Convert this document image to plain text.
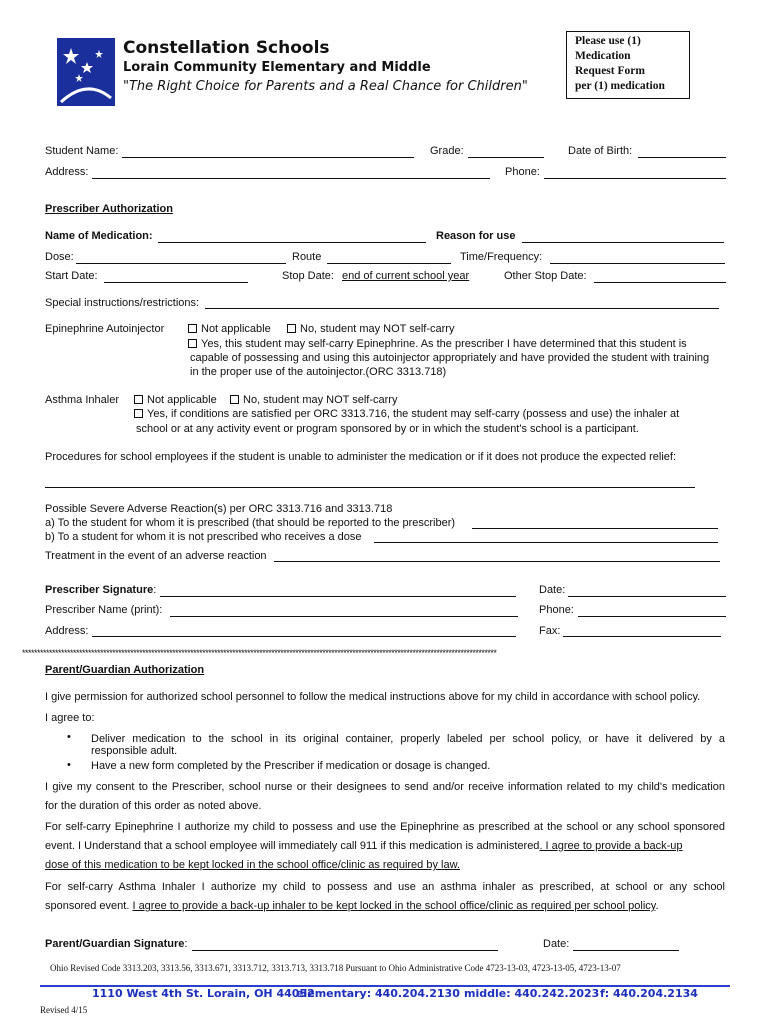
Constellation Schools
Lorain Community Elementary and Middle
"The Right Choice for Parents and a Real Chance for Children"
Please use (1)
Medication
Request Form
per (1) medication
Student Name:	Grade:	Date of Birth:
Address:	Phone:
Prescriber Authorization
Name of Medication:	Reason for use
Dose:	Route	Time/Frequency:
Start Date:	Stop Date: end of current school year	Other Stop Date:
Special instructions/restrictions:
Epinephrine Autoinjector	Not applicable	No, student may NOT self-carry
Yes, this student may self-carry Epinephrine. As the prescriber I have determined that this student is
capable of possessing and using this autoinjector appropriately and have provided the student with training
in the proper use of the autoinjector.(ORC 3313.718)
Asthma Inhaler	Not applicable	No, student may NOT self-carry
Yes, if conditions are satisfied per ORC 3313.716, the student may self-carry (possess and use) the inhaler at
school or at any activity event or program sponsored by or in which the student's school is a participant.
Procedures for school employees if the student is unable to administer the medication or if it does not produce the expected relief:
Possible Severe Adverse Reaction(s) per ORC 3313.716 and 3313.718
a) To the student for whom it is prescribed (that should be reported to the prescriber)
b) To a student for whom it is not prescribed who receives a dose
Treatment in the event of an adverse reaction
Prescriber Signature:	Date:
Prescriber Name (print):	Phone:
Address:	Fax:
**************************************************************************************************************************************************************
Parent/Guardian Authorization
I give permission for authorized school personnel to follow the medical instructions above for my child in accordance with school policy.
I agree to:
• Deliver medication to the school in its original container, properly labeled per school policy, or have it delivered by a
responsible adult.
• Have a new form completed by the Prescriber if medication or dosage is changed.
I give my consent to the Prescriber, school nurse or their designees to send and/or receive information related to my child's medication
for the duration of this order as noted above.
For self-carry Epinephrine I authorize my child to possess and use the Epinephrine as prescribed at the school or any school sponsored
event. I Understand that a school employee will immediately call 911 if this medication is administered. I agree to provide a back-up
dose of this medication to be kept locked in the school office/clinic as required by law.
For self-carry Asthma Inhaler I authorize my child to possess and use an asthma inhaler as prescribed, at school or any school
sponsored event. I agree to provide a back-up inhaler to be kept locked in the school office/clinic as required per school policy.
Parent/Guardian Signature:	Date:
Ohio Revised Code 3313.203, 3313.56, 3313.671, 3313.712, 3313.713, 3313.718 Pursuant to Ohio Administrative Code 4723-13-03, 4723-13-05, 4723-13-07
1110 West 4th St. Lorain, OH 44052
elementary: 440.204.2130 middle: 440.242.2023 f: 440.204.2134
Revised 4/15
